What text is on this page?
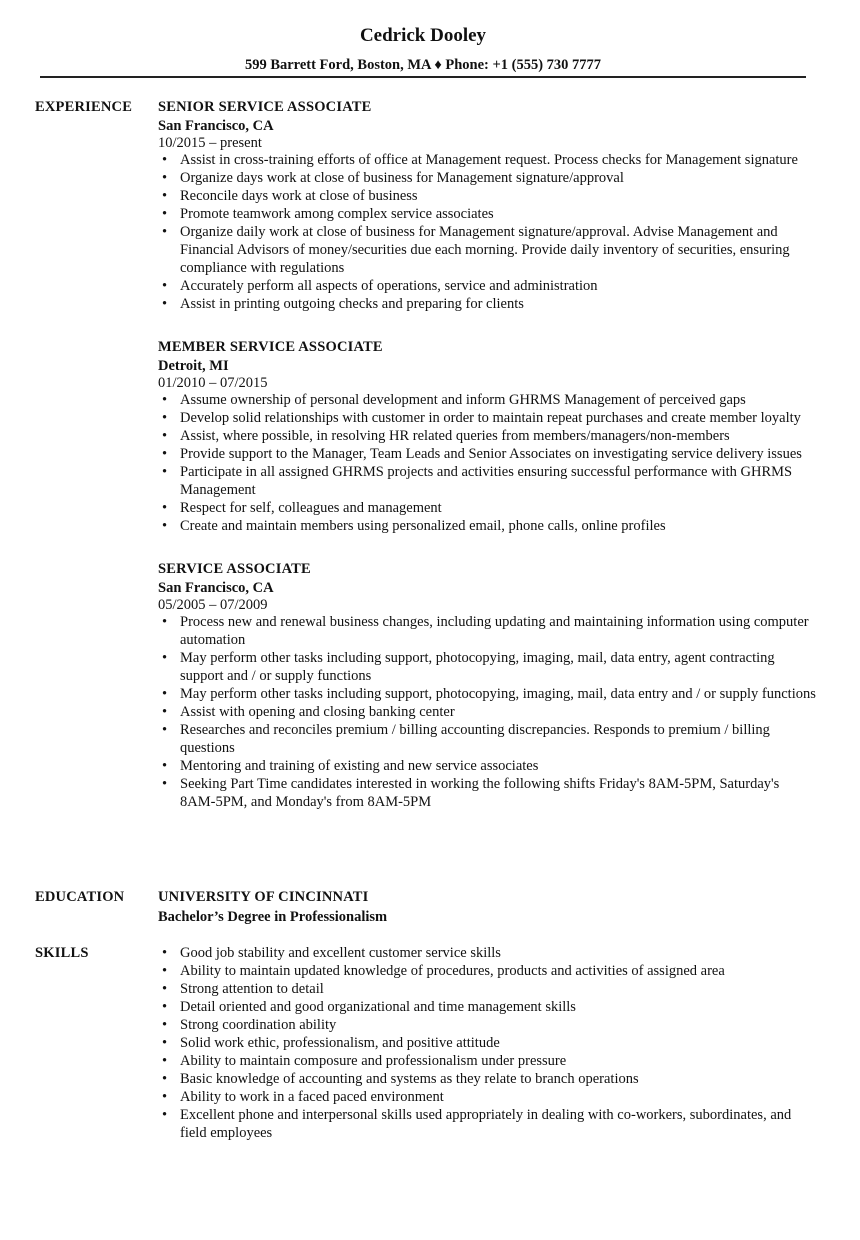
Cedrick Dooley
599 Barrett Ford, Boston, MA ♦ Phone: +1 (555) 730 7777
EXPERIENCE SENIOR SERVICE ASSOCIATE
San Francisco, CA
10/2015 – present
• Assist in cross-training efforts of office at Management request. Process checks for Management signature
• Organize days work at close of business for Management signature/approval
• Reconcile days work at close of business
• Promote teamwork among complex service associates
• Organize daily work at close of business for Management signature/approval. Advise Management and Financial Advisors of money/securities due each morning. Provide daily inventory of securities, ensuring compliance with regulations
• Accurately perform all aspects of operations, service and administration
• Assist in printing outgoing checks and preparing for clients
MEMBER SERVICE ASSOCIATE
Detroit, MI
01/2010 – 07/2015
• Assume ownership of personal development and inform GHRMS Management of perceived gaps
• Develop solid relationships with customer in order to maintain repeat purchases and create member loyalty
• Assist, where possible, in resolving HR related queries from members/managers/non-members
• Provide support to the Manager, Team Leads and Senior Associates on investigating service delivery issues
• Participate in all assigned GHRMS projects and activities ensuring successful performance with GHRMS Management
• Respect for self, colleagues and management
• Create and maintain members using personalized email, phone calls, online profiles
SERVICE ASSOCIATE
San Francisco, CA
05/2005 – 07/2009
• Process new and renewal business changes, including updating and maintaining information using computer automation
• May perform other tasks including support, photocopying, imaging, mail, data entry, agent contracting support and / or supply functions
• May perform other tasks including support, photocopying, imaging, mail, data entry and / or supply functions
• Assist with opening and closing banking center
• Researches and reconciles premium / billing accounting discrepancies. Responds to premium / billing questions
• Mentoring and training of existing and new service associates
• Seeking Part Time candidates interested in working the following shifts Friday's 8AM-5PM, Saturday's 8AM-5PM, and Monday's from 8AM-5PM
EDUCATION UNIVERSITY OF CINCINNATI
Bachelor’s Degree in Professionalism
SKILLS
•	Good job stability and excellent customer service skills
• Ability to maintain updated knowledge of procedures, products and activities of assigned area
• Strong attention to detail
• Detail oriented and good organizational and time management skills
• Strong coordination ability
• Solid work ethic, professionalism, and positive attitude
• Ability to maintain composure and professionalism under pressure
• Basic knowledge of accounting and systems as they relate to branch operations
• Ability to work in a faced paced environment
• Excellent phone and interpersonal skills used appropriately in dealing with co-workers, subordinates, and field employees
